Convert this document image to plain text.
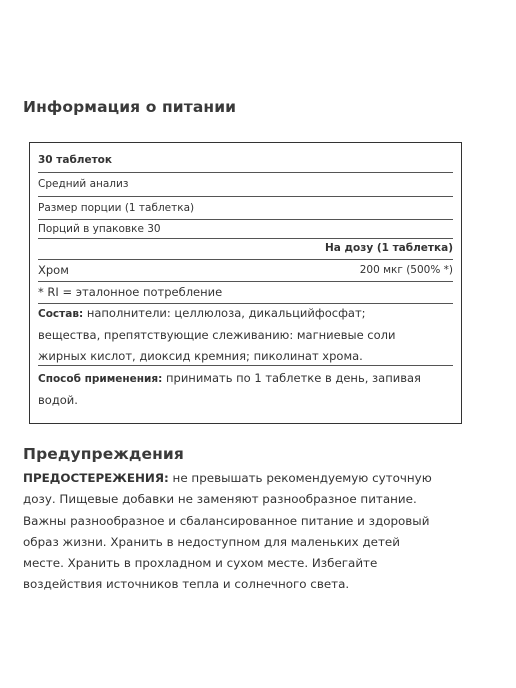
Информация о питании
30 таблеток
Средний анализ
Размер порции (1 таблетка)
Порций в упаковке 30
На дозу (1 таблетка)
Хром	200 мкг (500% *)
* RI = эталонное потребление
Состав: наполнители: целлюлоза, дикальцийфосфат;
вещества, препятствующие слеживанию: магниевые соли
жирных кислот, диоксид кремния; пиколинат хрома.
Способ применения: принимать по 1 таблетке в день, запивая
водой.
Предупреждения
ПРЕДОСТЕРЕЖЕНИЯ: не превышать рекомендуемую суточную
дозу. Пищевые добавки не заменяют разнообразное питание.
Важны разнообразное и сбалансированное питание и здоровый
образ жизни. Хранить в недоступном для маленьких детей
месте. Хранить в прохладном и сухом месте. Избегайте
воздействия источников тепла и солнечного света.
